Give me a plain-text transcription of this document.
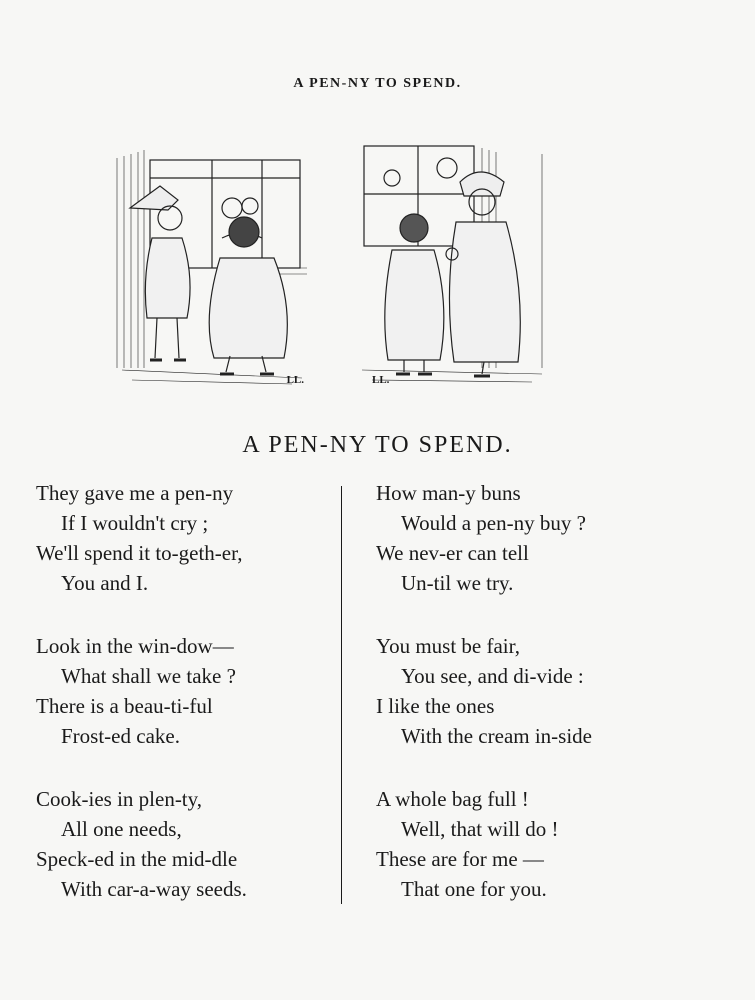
A PEN-NY TO SPEND.
LL.	LL.
A PEN-NY TO SPEND.
They gave me a pen-ny
If I wouldn't cry ;
We'll spend it to-geth-er,
You and I.
Look in the win-dow—
What shall we take ?
There is a beau-ti-ful
Frost-ed cake.
Cook-ies in plen-ty,
All one needs,
Speck-ed in the mid-dle
With car-a-way seeds.
How man-y buns
Would a pen-ny buy ?
We nev-er can tell
Un-til we try.
You must be fair,
You see, and di-vide :
I like the ones
With the cream in-side
A whole bag full !
Well, that will do !
These are for me —
That one for you.
